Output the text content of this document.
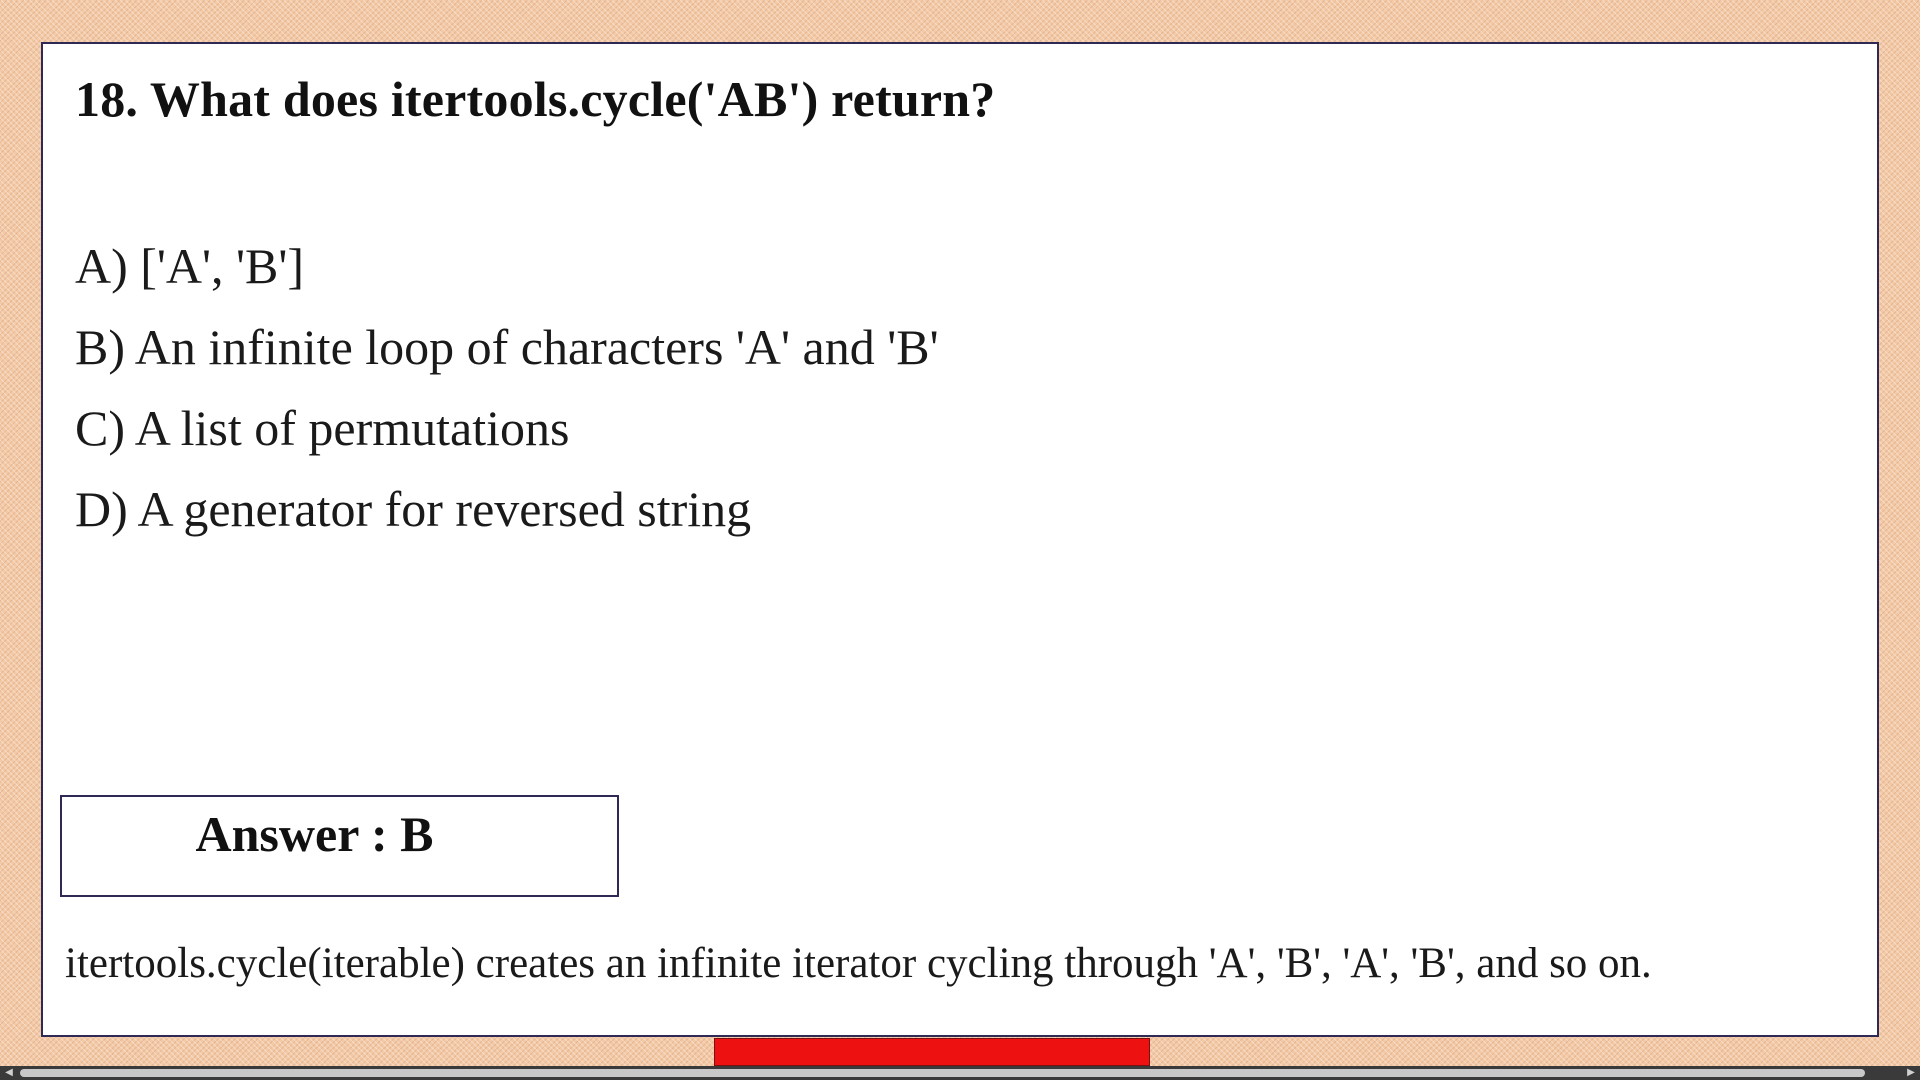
18. What does itertools.cycle('AB') return?
A) ['A', 'B']
B) An infinite loop of characters 'A' and 'B'
C) A list of permutations
D) A generator for reversed string
Answer : B

itertools.cycle(iterable) creates an infinite iterator cycling through 'A', 'B', 'A', 'B', and so on.

◀	▶
